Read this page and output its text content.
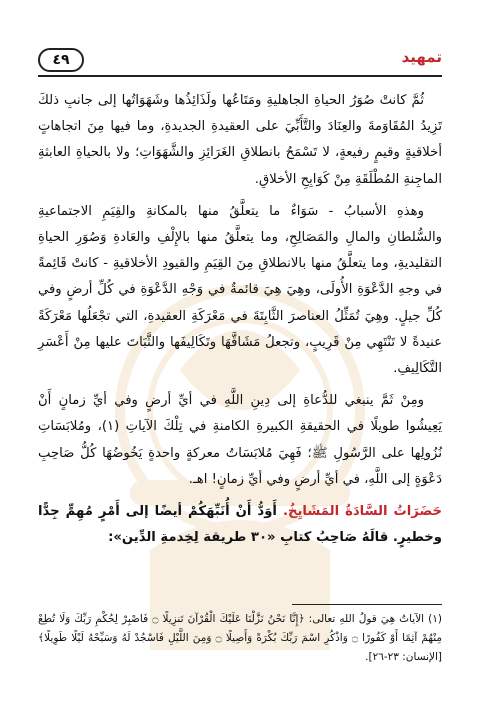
٤٩	تمهيد

ثُمَّ كانتْ صُوَرُ الحياةِ الجاهليةِ ومَتَاعُها ولَذَائِذُها وشَهَوَاتُها إلى جانبِ ذلكَ تَزِيدُ المُقَاوَمةَ والعِنَادَ والتَّأَبِّيَ على العقيدةِ الجديدةِ، وما فيها مِنَ اتجاهاتٍ أخلاقيةٍ وقيمٍ رفيعةٍ، لا تَسْمَحُ بانطلاقِ الغَرَائِزِ والشَّهَوَاتِ؛ ولا بالحياةِ العابثةِ الماجِنةِ المُطْلَقَةِ مِنْ كَوَابِحِ الأخلاقِ.

وهذهِ الأسبابُ - سَوَاءٌ ما يتعلَّقُ منها بالمكانةِ والقِيَمِ الاجتماعيةِ والسُّلطانِ والمالِ والمَصَالِحِ، وما يتعلَّقُ منها بالإِلْفِ والعَادةِ وَصُوَرِ الحياةِ التقليديةِ، وما يتعلَّقُ منها بالانطلاقِ مِنَ القِيَمِ والقيودِ الأخلاقيةِ - كانتْ قَائِمةً في وجهِ الدَّعْوَةِ الأُولَى، وهِيَ هِيَ قائمةٌ في وَجْهِ الدَّعْوَةِ في كُلِّ أرضٍ وفي كُلِّ جيلٍ. وهِيَ تُمَثِّلُ العناصرَ الثَّابِتَةَ في مَعْرَكَةِ العقيدةِ، التي تجْعَلُها مَعْرَكَةً عنيدةً لا تَنْتَهِي مِنْ قَرِيبٍ، وتجعلُ مَشَاقَّهَا وتَكَالِيفَها والثَّبَاتَ عليها مِنْ أَعْسَرِ التَّكَالِيفِ.

ومِنْ ثَمَّ ينبغي للدُّعاةِ إلى دِينِ اللَّهِ في أيِّ أرضٍ وفي أيِّ زمانٍ أَنْ يَعِيشُوا طويلًا في الحقيقةِ الكبيرةِ الكامنةِ في تِلْكَ الآياتِ (١)، ومُلابَسَاتِ نُزُولِها على الرَّسُولِ ﷺ؛ فَهِيَ مُلابَسَاتُ معركةٍ واحدةٍ يَخُوضُهَا كُلُّ صَاحِبِ دَعْوَةٍ إلى اللَّهِ، في أيِّ أرضٍ وفي أيِّ زمانٍ! اهـ.

حَضَرَاتُ السَّادَةُ المَشَايِخُ. أَوَدُّ أَنْ أُنَبِّهَكُمْ أيضًا إلى أَمْرٍ مُهِمٍّ جِدًّا وخطيرٍ. قالَهُ صَاحِبُ كتابِ «٣٠ طريقة لِخِدمةِ الدِّين»:

(١) الآياتُ هِيَ قولُ اللهِ تعالى: ﴿إِنَّا نَحْنُ نَزَّلْنَا عَلَيْكَ الْقُرْآنَ تَنزِيلًا ۝ فَاصْبِرْ لِحُكْمِ رَبِّكَ وَلَا تُطِعْ مِنْهُمْ آثِمًا أَوْ كَفُورًا ۝ وَاذْكُرِ اسْمَ رَبِّكَ بُكْرَةً وَأَصِيلًا ۝ وَمِنَ اللَّيْلِ فَاسْجُدْ لَهُ وَسَبِّحْهُ لَيْلًا طَوِيلًا﴾ [الإنسان: ٢٣-٢٦].
